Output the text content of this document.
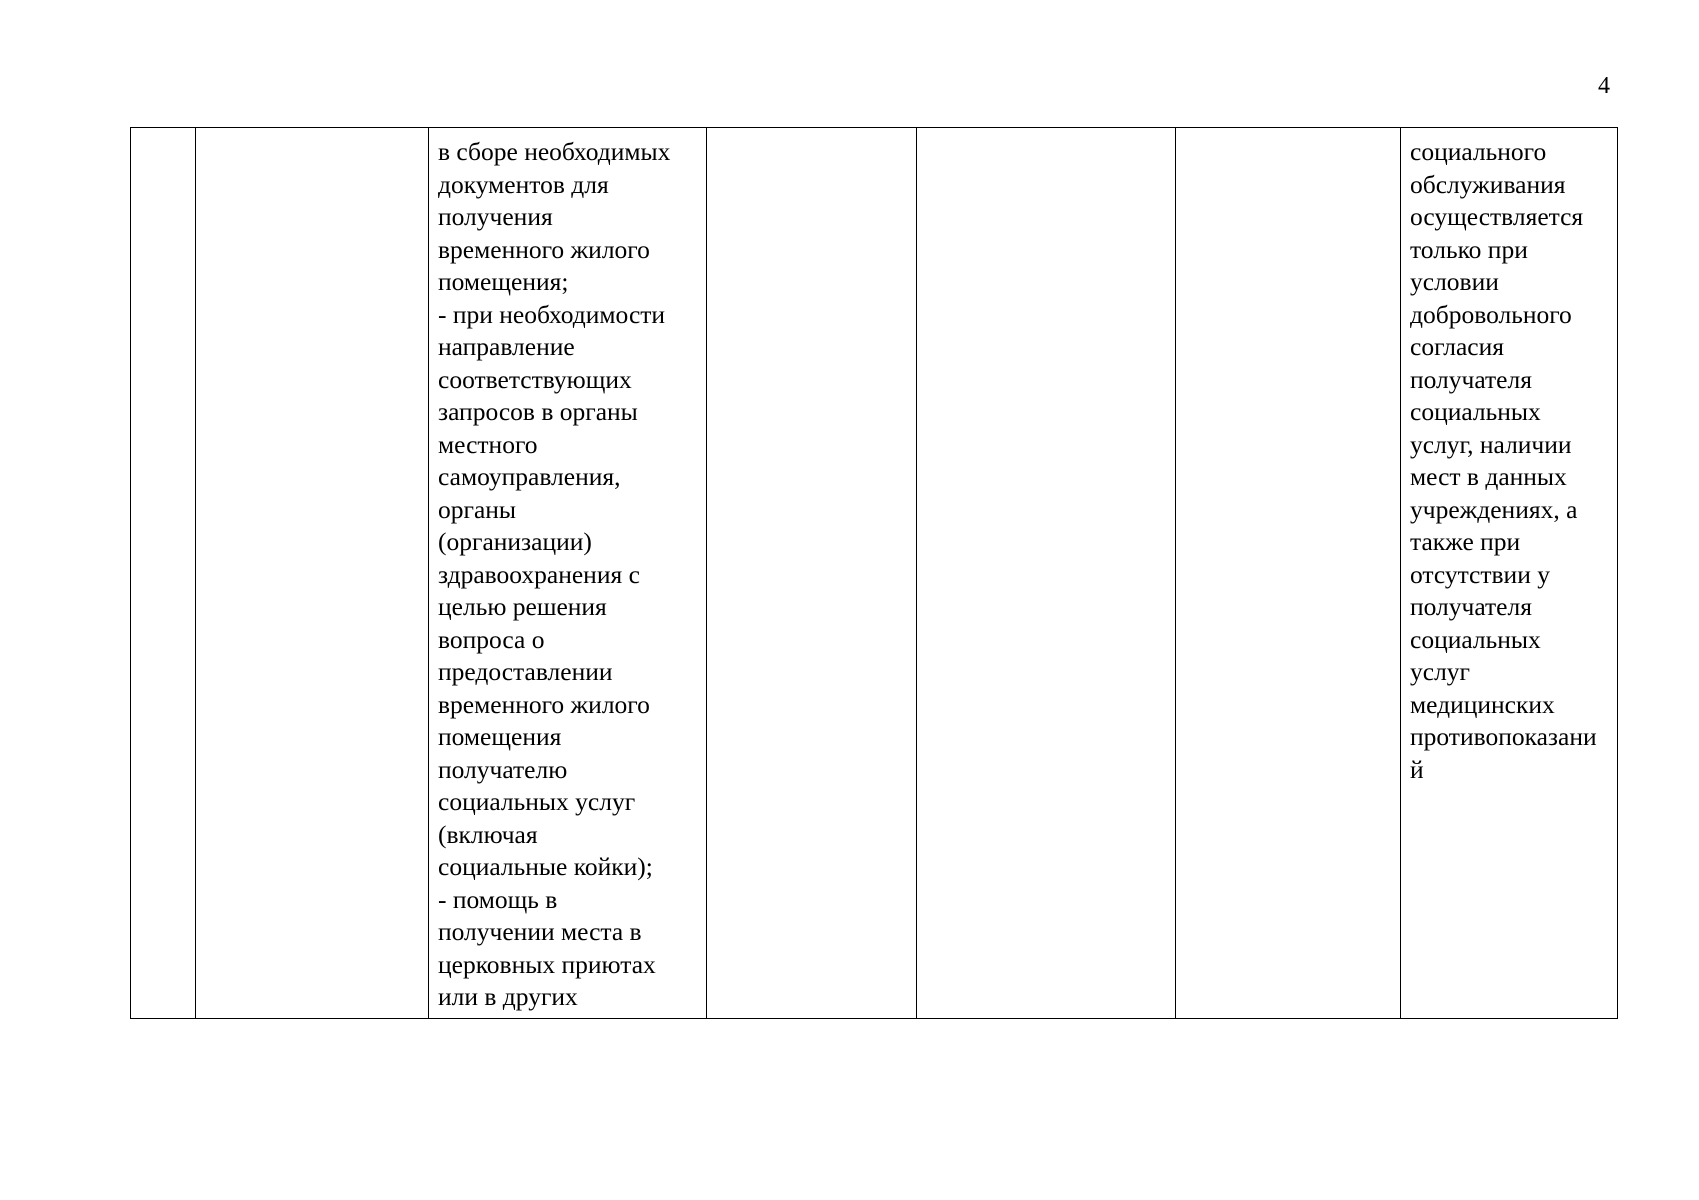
4
		в сборе необходимых
документов для
получения
временного жилого
помещения;
- при необходимости
направление
соответствующих
запросов в органы
местного
самоуправления,
органы
(организации)
здравоохранения с
целью решения
вопроса о
предоставлении
временного жилого
помещения
получателю
социальных услуг
(включая
социальные койки);
- помощь в
получении места в
церковных приютах
или в других				социального
обслуживания
осуществляется
только при
условии
добровольного
согласия
получателя
социальных
услуг, наличии
мест в данных
учреждениях, а
также при
отсутствии у
получателя
социальных
услуг
медицинских
противопоказани
й
